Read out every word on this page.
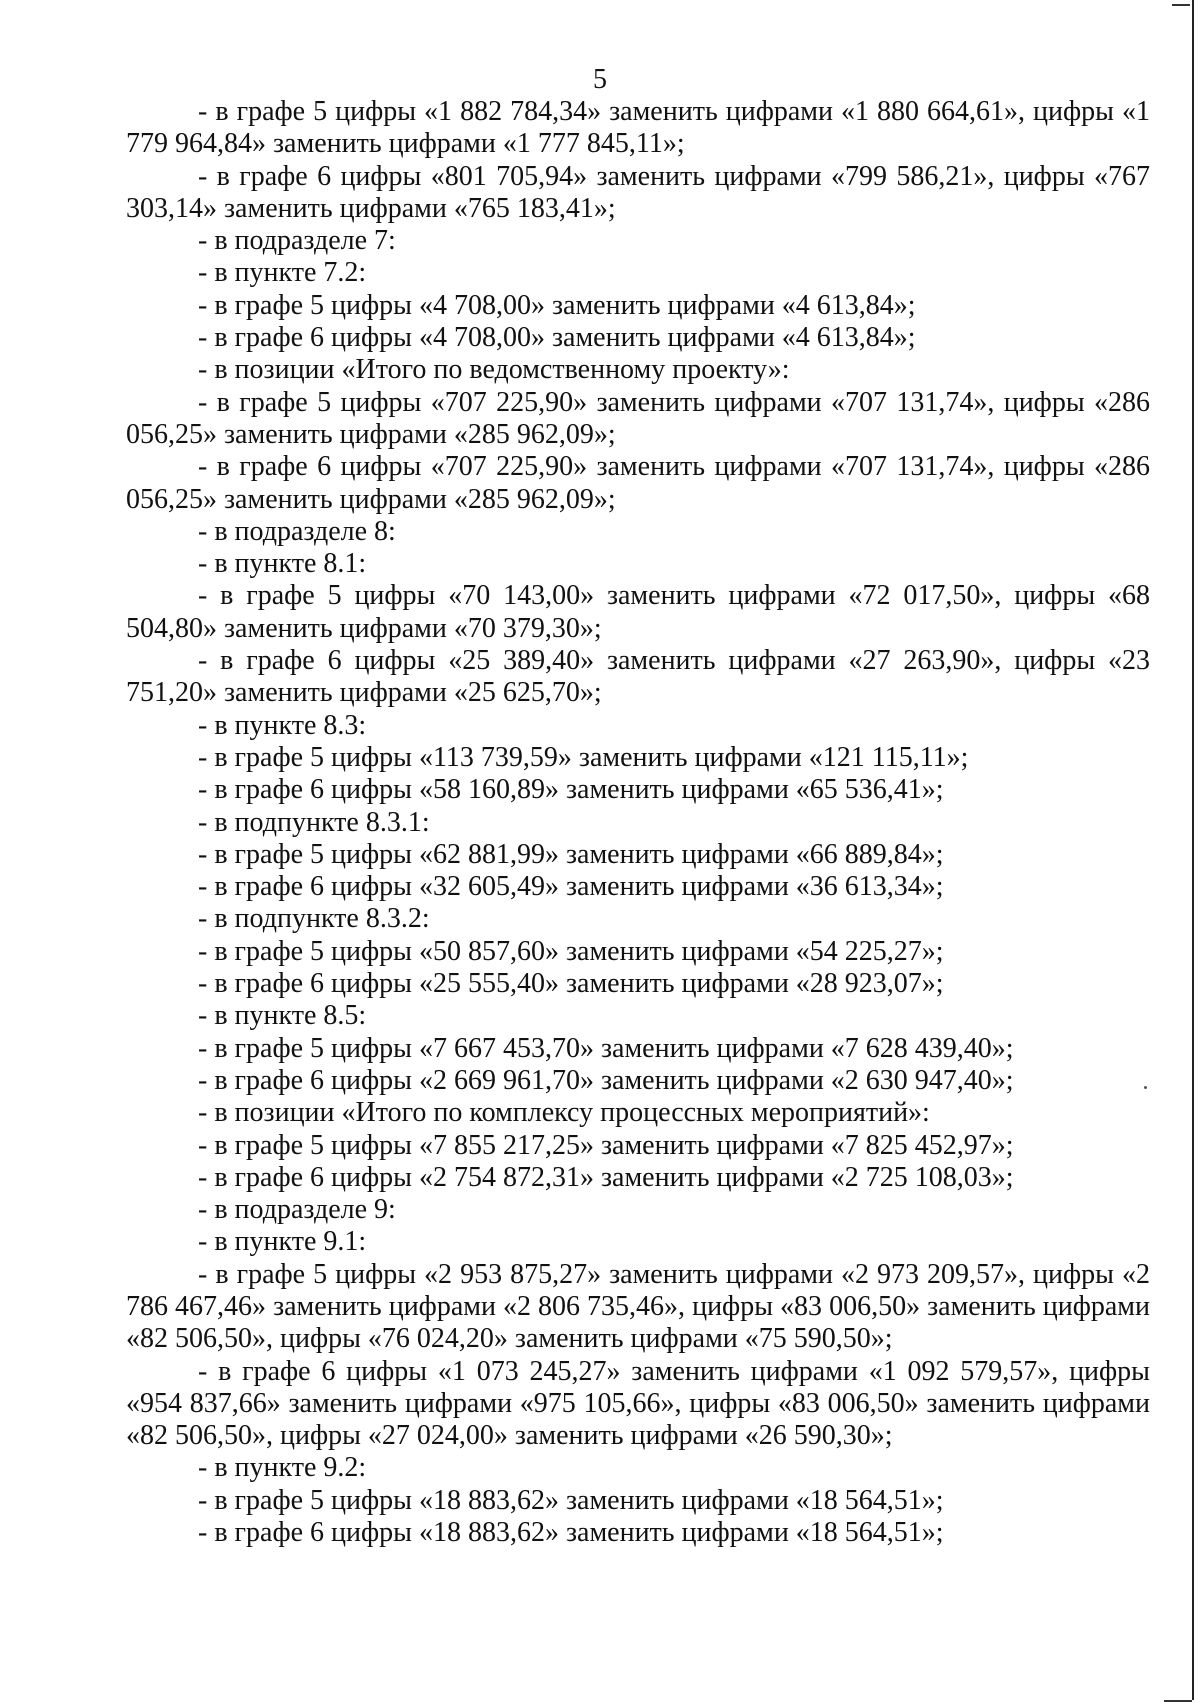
5

- в графе 5 цифры «1 882 784,34» заменить цифрами «1 880 664,61», цифры «1 779 964,84» заменить цифрами «1 777 845,11»;

- в графе 6 цифры «801 705,94» заменить цифрами «799 586,21», цифры «767 303,14» заменить цифрами «765 183,41»;

- в подразделе 7:

- в пункте 7.2:

- в графе 5 цифры «4 708,00» заменить цифрами «4 613,84»;

- в графе 6 цифры «4 708,00» заменить цифрами «4 613,84»;

- в позиции «Итого по ведомственному проекту»:

- в графе 5 цифры «707 225,90» заменить цифрами «707 131,74», цифры «286 056,25» заменить цифрами «285 962,09»;

- в графе 6 цифры «707 225,90» заменить цифрами «707 131,74», цифры «286 056,25» заменить цифрами «285 962,09»;

- в подразделе 8:

- в пункте 8.1:

- в графе 5 цифры «70 143,00» заменить цифрами «72 017,50», цифры «68 504,80» заменить цифрами «70 379,30»;

- в графе 6 цифры «25 389,40» заменить цифрами «27 263,90», цифры «23 751,20» заменить цифрами «25 625,70»;

- в пункте 8.3:

- в графе 5 цифры «113 739,59» заменить цифрами «121 115,11»;

- в графе 6 цифры «58 160,89» заменить цифрами «65 536,41»;

- в подпункте 8.3.1:

- в графе 5 цифры «62 881,99» заменить цифрами «66 889,84»;

- в графе 6 цифры «32 605,49» заменить цифрами «36 613,34»;

- в подпункте 8.3.2:

- в графе 5 цифры «50 857,60» заменить цифрами «54 225,27»;

- в графе 6 цифры «25 555,40» заменить цифрами «28 923,07»;

- в пункте 8.5:

- в графе 5 цифры «7 667 453,70» заменить цифрами «7 628 439,40»;

- в графе 6 цифры «2 669 961,70» заменить цифрами «2 630 947,40»;

- в позиции «Итого по комплексу процессных мероприятий»:

- в графе 5 цифры «7 855 217,25» заменить цифрами «7 825 452,97»;

- в графе 6 цифры «2 754 872,31» заменить цифрами «2 725 108,03»;

- в подразделе 9:

- в пункте 9.1:

- в графе 5 цифры «2 953 875,27» заменить цифрами «2 973 209,57», цифры «2 786 467,46» заменить цифрами «2 806 735,46», цифры «83 006,50» заменить цифрами «82 506,50», цифры «76 024,20» заменить цифрами «75 590,50»;

- в графе 6 цифры «1 073 245,27» заменить цифрами «1 092 579,57», цифры «954 837,66» заменить цифрами «975 105,66», цифры «83 006,50» заменить цифрами «82 506,50», цифры «27 024,00» заменить цифрами «26 590,30»;

- в пункте 9.2:

- в графе 5 цифры «18 883,62» заменить цифрами «18 564,51»;

- в графе 6 цифры «18 883,62» заменить цифрами «18 564,51»;
